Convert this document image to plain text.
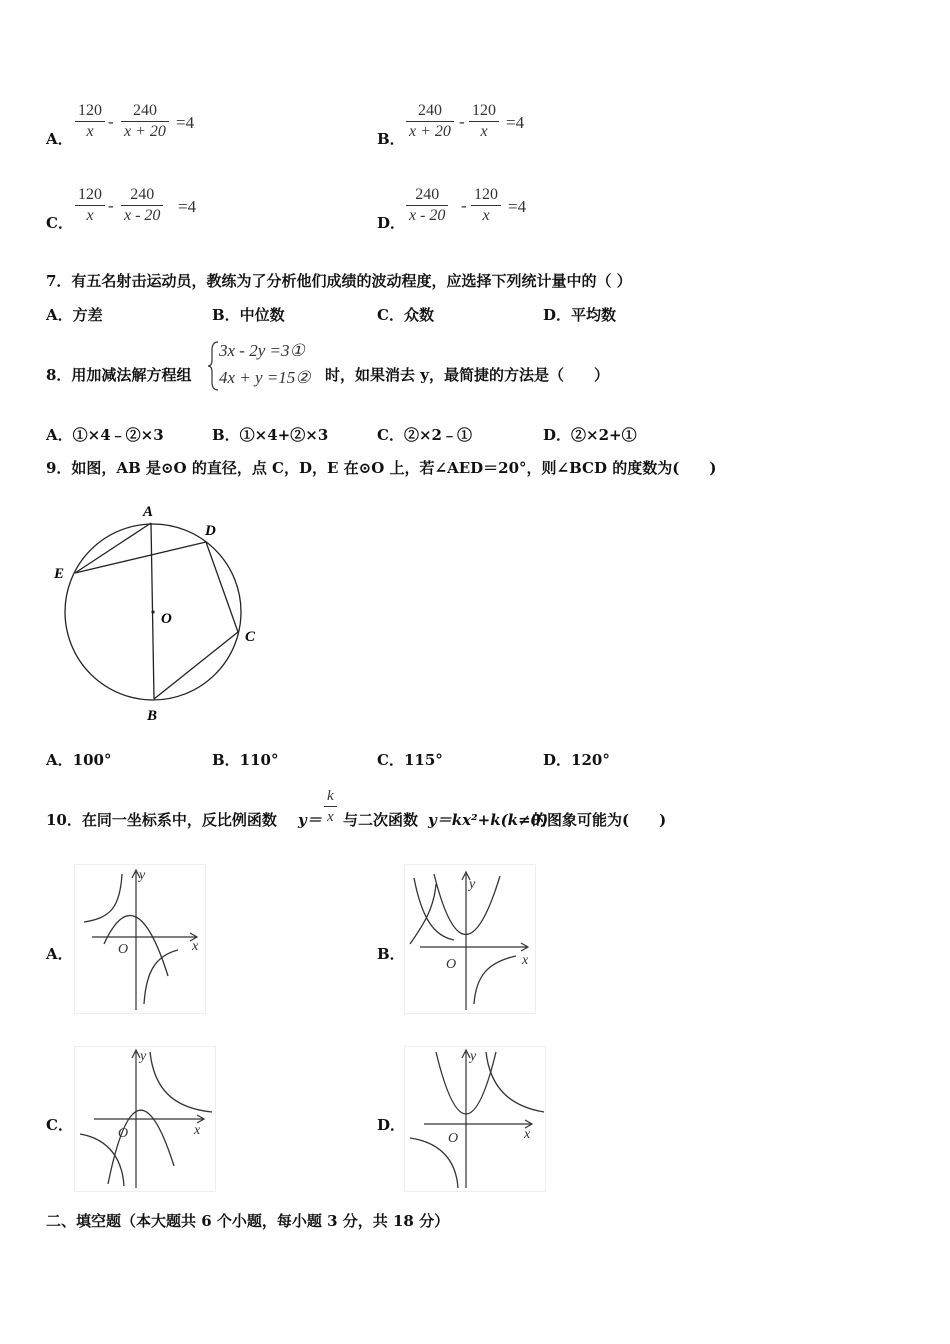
A． $\frac{120}{x} - \frac{240}{x + 20} =4$
B． $\frac{240}{x + 20} - \frac{120}{x} =4$
C． $\frac{120}{x} - \frac{240}{x - 20} =4$
D． $\frac{240}{x - 20} - \frac{120}{x} =4$
7．有五名射击运动员，教练为了分析他们成绩的波动程度，应选择下列统计量中的（ ）
A．方差	B．中位数	C．众数	D．平均数
8．用加减法解方程组
3x - 2y =3①
4x + y =15② 时，如果消去 y，最简捷的方法是（　　）
A．①×4﹣②×3	B．①×4+②×3	C．②×2﹣①	D．②×2+①
9．如图，AB 是⊙O 的直径，点 C，D，E 在⊙O 上，若∠AED＝20°，则∠BCD 的度数为(　　)
A
D
C
B
E
O
A．100°	B．110°	C．115°	D．120°
10．在同一坐标系中，反比例函数 $y= \frac{k}{x}$ 与二次函数 y＝kx²+k(k≠0)
的图象可能为(　　)
A．
y
x
O	B．
y
x
O
C．
y
x
O	D．
y
x
O
二、填空题（本大题共 6 个小题，每小题 3 分，共 18 分）
